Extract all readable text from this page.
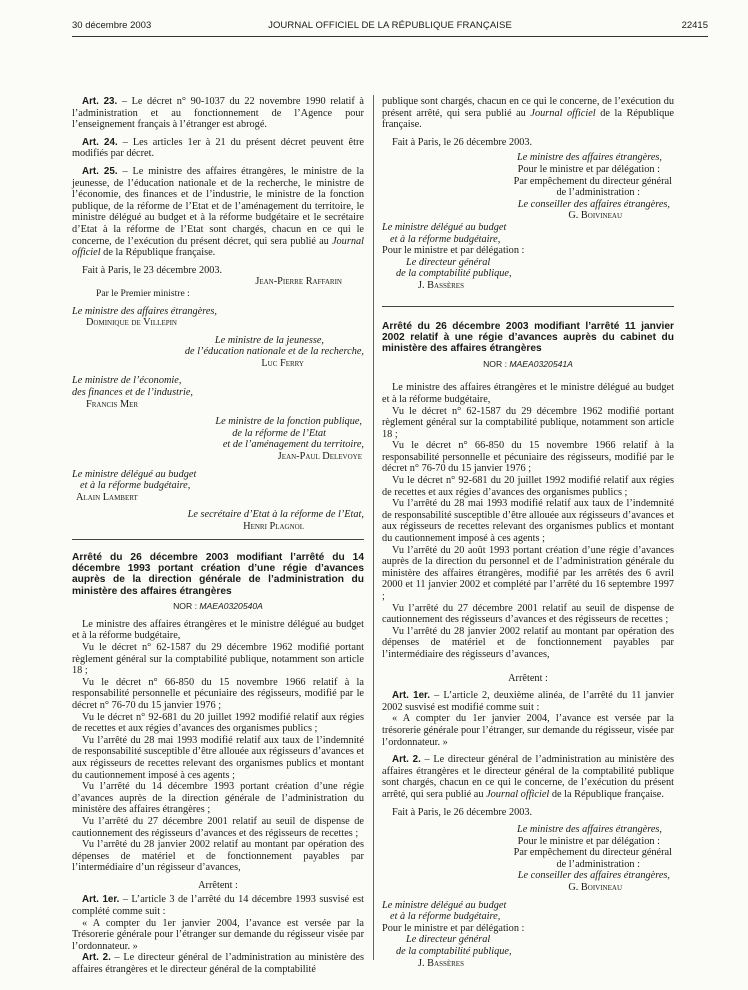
30 décembre 2003	JOURNAL OFFICIEL DE LA RÉPUBLIQUE FRANÇAISE	22415

Art. 23. – Le décret n° 90-1037 du 22 novembre 1990 relatif à l’administration et au fonctionnement de l’Agence pour l’enseignement français à l’étranger est abrogé.

Art. 24. – Les articles 1er à 21 du présent décret peuvent être modifiés par décret.

Art. 25. – Le ministre des affaires étrangères, le ministre de la jeunesse, de l’éducation nationale et de la recherche, le ministre de l’économie, des finances et de l’industrie, le ministre de la fonction publique, de la réforme de l’Etat et de l’aménagement du territoire, le ministre délégué au budget et à la réforme budgétaire et le secrétaire d’Etat à la réforme de l’Etat sont chargés, chacun en ce qui le concerne, de l’exécution du présent décret, qui sera publié au Journal officiel de la République française.

Fait à Paris, le 23 décembre 2003.

Jean-Pierre Raffarin

Par le Premier ministre :

Le ministre des affaires étrangères,

Dominique de Villepin

Le ministre de la jeunesse,

de l’éducation nationale et de la recherche,

Luc Ferry

Le ministre de l’économie,

des finances et de l’industrie,

Francis Mer

Le ministre de la fonction publique,

de la réforme de l’Etat

et de l’aménagement du territoire,

Jean-Paul Delevoye

Le ministre délégué au budget

et à la réforme budgétaire,

Alain Lambert

Le secrétaire d’Etat à la réforme de l’Etat,

Henri Plagnol

Arrêté du 26 décembre 2003 modifiant l’arrêté du 14 décembre 1993 portant création d’une régie d’avances auprès de la direction générale de l’administration du ministère des affaires étrangères

NOR : MAEA0320540A

Le ministre des affaires étrangères et le ministre délégué au budget et à la réforme budgétaire,

Vu le décret n° 62-1587 du 29 décembre 1962 modifié portant règlement général sur la comptabilité publique, notamment son article 18 ;

Vu le décret n° 66-850 du 15 novembre 1966 relatif à la responsabilité personnelle et pécuniaire des régisseurs, modifié par le décret n° 76-70 du 15 janvier 1976 ;

Vu le décret n° 92-681 du 20 juillet 1992 modifié relatif aux régies de recettes et aux régies d’avances des organismes publics ;

Vu l’arrêté du 28 mai 1993 modifié relatif aux taux de l’indemnité de responsabilité susceptible d’être allouée aux régisseurs d’avances et aux régisseurs de recettes relevant des organismes publics et montant du cautionnement imposé à ces agents ;

Vu l’arrêté du 14 décembre 1993 portant création d’une régie d’avances auprès de la direction générale de l’administration du ministère des affaires étrangères ;

Vu l’arrêté du 27 décembre 2001 relatif au seuil de dispense de cautionnement des régisseurs d’avances et des régisseurs de recettes ;

Vu l’arrêté du 28 janvier 2002 relatif au montant par opération des dépenses de matériel et de fonctionnement payables par l’intermédiaire d’un régisseur d’avances,

Arrêtent :

Art. 1er. – L’article 3 de l’arrêté du 14 décembre 1993 susvisé est complété comme suit :

« A compter du 1er janvier 2004, l’avance est versée par la Trésorerie générale pour l’étranger sur demande du régisseur visée par l’ordonnateur. »

Art. 2. – Le directeur général de l’administration au ministère des affaires étrangères et le directeur général de la comptabilité

publique sont chargés, chacun en ce qui le concerne, de l’exécution du présent arrêté, qui sera publié au Journal officiel de la République française.

Fait à Paris, le 26 décembre 2003.

Le ministre des affaires étrangères,

Pour le ministre et par délégation :

Par empêchement du directeur général

de l’administration :

Le conseiller des affaires étrangères,

G. Boivineau

Le ministre délégué au budget

et à la réforme budgétaire,

Pour le ministre et par délégation :

Le directeur général

de la comptabilité publique,

J. Bassères

Arrêté du 26 décembre 2003 modifiant l’arrêté 11 janvier 2002 relatif à une régie d’avances auprès du cabinet du ministère des affaires étrangères

NOR : MAEA0320541A

Le ministre des affaires étrangères et le ministre délégué au budget et à la réforme budgétaire,

Vu le décret n° 62-1587 du 29 décembre 1962 modifié portant règlement général sur la comptabilité publique, notamment son article 18 ;

Vu le décret n° 66-850 du 15 novembre 1966 relatif à la responsabilité personnelle et pécuniaire des régisseurs, modifié par le décret n° 76-70 du 15 janvier 1976 ;

Vu le décret n° 92-681 du 20 juillet 1992 modifié relatif aux régies de recettes et aux régies d’avances des organismes publics ;

Vu l’arrêté du 28 mai 1993 modifié relatif aux taux de l’indemnité de responsabilité susceptible d’être allouée aux régisseurs d’avances et aux régisseurs de recettes relevant des organismes publics et montant du cautionnement imposé à ces agents ;

Vu l’arrêté du 20 août 1993 portant création d’une régie d’avances auprès de la direction du personnel et de l’administration générale du ministère des affaires étrangères, modifié par les arrêtés des 6 avril 2000 et 11 janvier 2002 et complété par l’arrêté du 16 septembre 1997 ;

Vu l’arrêté du 27 décembre 2001 relatif au seuil de dispense de cautionnement des régisseurs d’avances et des régisseurs de recettes ;

Vu l’arrêté du 28 janvier 2002 relatif au montant par opération des dépenses de matériel et de fonctionnement payables par l’intermédiaire des régisseurs d’avances,

Arrêtent :

Art. 1er. – L’article 2, deuxième alinéa, de l’arrêté du 11 janvier 2002 susvisé est modifié comme suit :

« A compter du 1er janvier 2004, l’avance est versée par la trésorerie générale pour l’étranger, sur demande du régisseur, visée par l’ordonnateur. »

Art. 2. – Le directeur général de l’administration au ministère des affaires étrangères et le directeur général de la comptabilité publique sont chargés, chacun en ce qui le concerne, de l’exécution du présent arrêté, qui sera publié au Journal officiel de la République française.

Fait à Paris, le 26 décembre 2003.

Le ministre des affaires étrangères,

Pour le ministre et par délégation :

Par empêchement du directeur général

de l’administration :

Le conseiller des affaires étrangères,

G. Boivineau

Le ministre délégué au budget

et à la réforme budgétaire,

Pour le ministre et par délégation :

Le directeur général

de la comptabilité publique,

J. Bassères
